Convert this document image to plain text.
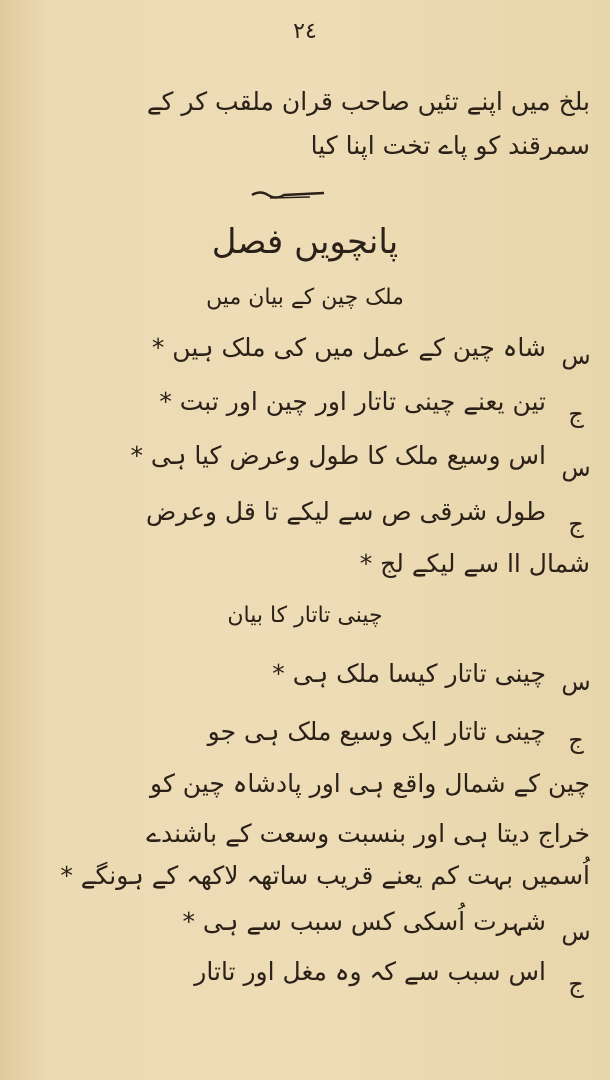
٢٤
بلخ میں اپنے تئیں صاحب قران ملقب کر کے
سمرقند کو پاے تخت اپنا کیا
پانچویں فصل
ملک چین کے بیان میں
س
شاہ چین کے عمل میں کی ملک ہیں *
ج
تین یعنے چینی تاتار اور چین اور تبت *
س
اس وسیع ملک کا طول وعرض کیا ہی *
ج
طول شرقی ص سے لیکے تا قل وعرض
شمال اا سے لیکے لج *
چینی تاتار کا بیان
س
چینی تاتار کیسا ملک ہی *
ج
چینی تاتار ایک وسیع ملک ہی جو
چین کے شمال واقع ہی اور پادشاہ چین کو
خراج دیتا ہی اور بنسبت وسعت کے باشندے
اُسمیں بہت کم یعنے قریب ساتھہ لاکھہ کے ہونگے *
س
شہرت اُسکی کس سبب سے ہی *
ج
اس سبب سے کہ وہ مغل اور تاتار
